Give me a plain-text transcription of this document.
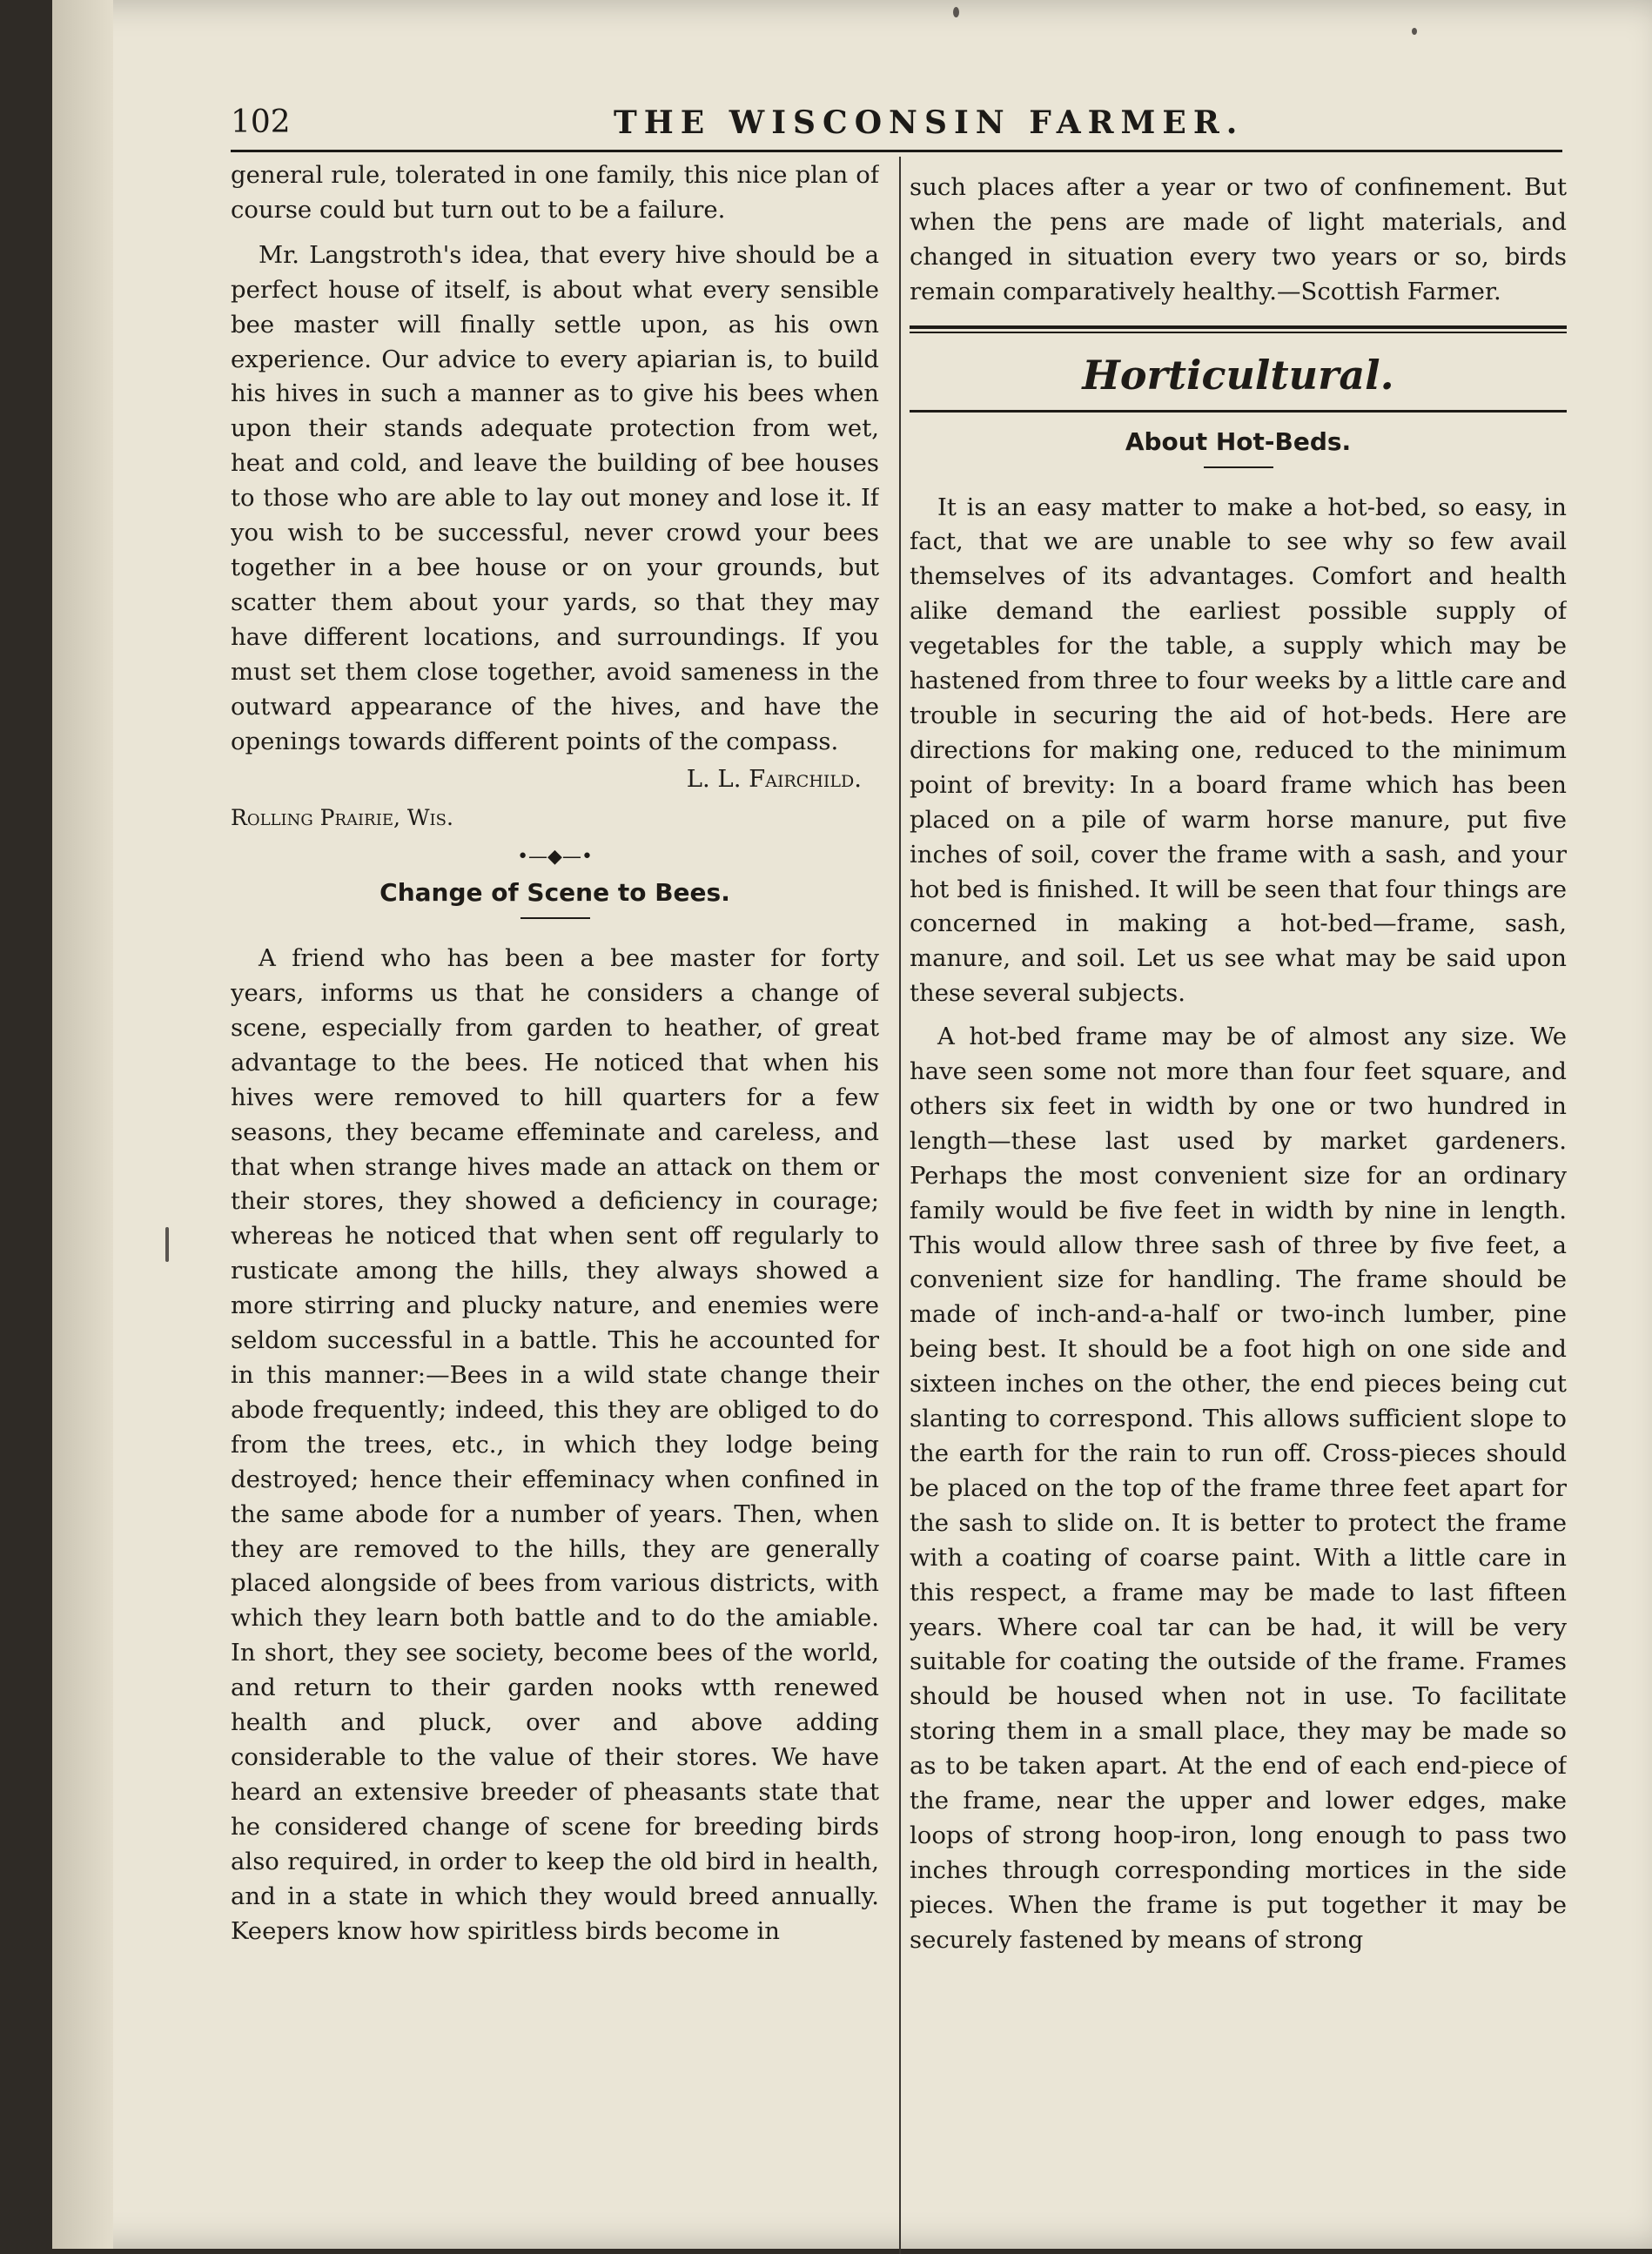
102	THE WISCONSIN FARMER.

general rule, tolerated in one family, this nice plan of course could but turn out to be a failure.

Mr. Langstroth's idea, that every hive should be a perfect house of itself, is about what every sensible bee master will finally settle upon, as his own experience. Our advice to every apiarian is, to build his hives in such a manner as to give his bees when upon their stands adequate protection from wet, heat and cold, and leave the building of bee houses to those who are able to lay out money and lose it. If you wish to be successful, never crowd your bees together in a bee house or on your grounds, but scatter them about your yards, so that they may have different locations, and surroundings. If you must set them close together, avoid sameness in the outward appearance of the hives, and have the openings towards different points of the compass.

L. L. Fairchild.
Rolling Prairie, Wis.
•—◆—•
Change of Scene to Bees.

A friend who has been a bee master for forty years, informs us that he considers a change of scene, especially from garden to heather, of great advantage to the bees. He noticed that when his hives were removed to hill quarters for a few seasons, they became effeminate and careless, and that when strange hives made an attack on them or their stores, they showed a deficiency in courage; whereas he noticed that when sent off regularly to rusticate among the hills, they always showed a more stirring and plucky nature, and enemies were seldom successful in a battle. This he accounted for in this manner:—Bees in a wild state change their abode frequently; indeed, this they are obliged to do from the trees, etc., in which they lodge being destroyed; hence their effeminacy when confined in the same abode for a number of years. Then, when they are removed to the hills, they are generally placed alongside of bees from various districts, with which they learn both battle and to do the amiable. In short, they see society, become bees of the world, and return to their garden nooks wtth renewed health and pluck, over and above adding considerable to the value of their stores. We have heard an extensive breeder of pheasants state that he considered change of scene for breeding birds also required, in order to keep the old bird in health, and in a state in which they would breed annually. Keepers know how spiritless birds become in

such places after a year or two of confinement. But when the pens are made of light materials, and changed in situation every two years or so, birds remain comparatively healthy.—Scottish Farmer.

Horticultural.
About Hot-Beds.

It is an easy matter to make a hot-bed, so easy, in fact, that we are unable to see why so few avail themselves of its advantages. Comfort and health alike demand the earliest possible supply of vegetables for the table, a supply which may be hastened from three to four weeks by a little care and trouble in securing the aid of hot-beds. Here are directions for making one, reduced to the minimum point of brevity: In a board frame which has been placed on a pile of warm horse manure, put five inches of soil, cover the frame with a sash, and your hot bed is finished. It will be seen that four things are concerned in making a hot-bed—frame, sash, manure, and soil. Let us see what may be said upon these several subjects.

A hot-bed frame may be of almost any size. We have seen some not more than four feet square, and others six feet in width by one or two hundred in length—these last used by market gardeners. Perhaps the most convenient size for an ordinary family would be five feet in width by nine in length. This would allow three sash of three by five feet, a convenient size for handling. The frame should be made of inch-and-a-half or two-inch lumber, pine being best. It should be a foot high on one side and sixteen inches on the other, the end pieces being cut slanting to correspond. This allows sufficient slope to the earth for the rain to run off. Cross-pieces should be placed on the top of the frame three feet apart for the sash to slide on. It is better to protect the frame with a coating of coarse paint. With a little care in this respect, a frame may be made to last fifteen years. Where coal tar can be had, it will be very suitable for coating the outside of the frame. Frames should be housed when not in use. To facilitate storing them in a small place, they may be made so as to be taken apart. At the end of each end-piece of the frame, near the upper and lower edges, make loops of strong hoop-iron, long enough to pass two inches through corresponding mortices in the side pieces. When the frame is put together it may be securely fastened by means of strong
